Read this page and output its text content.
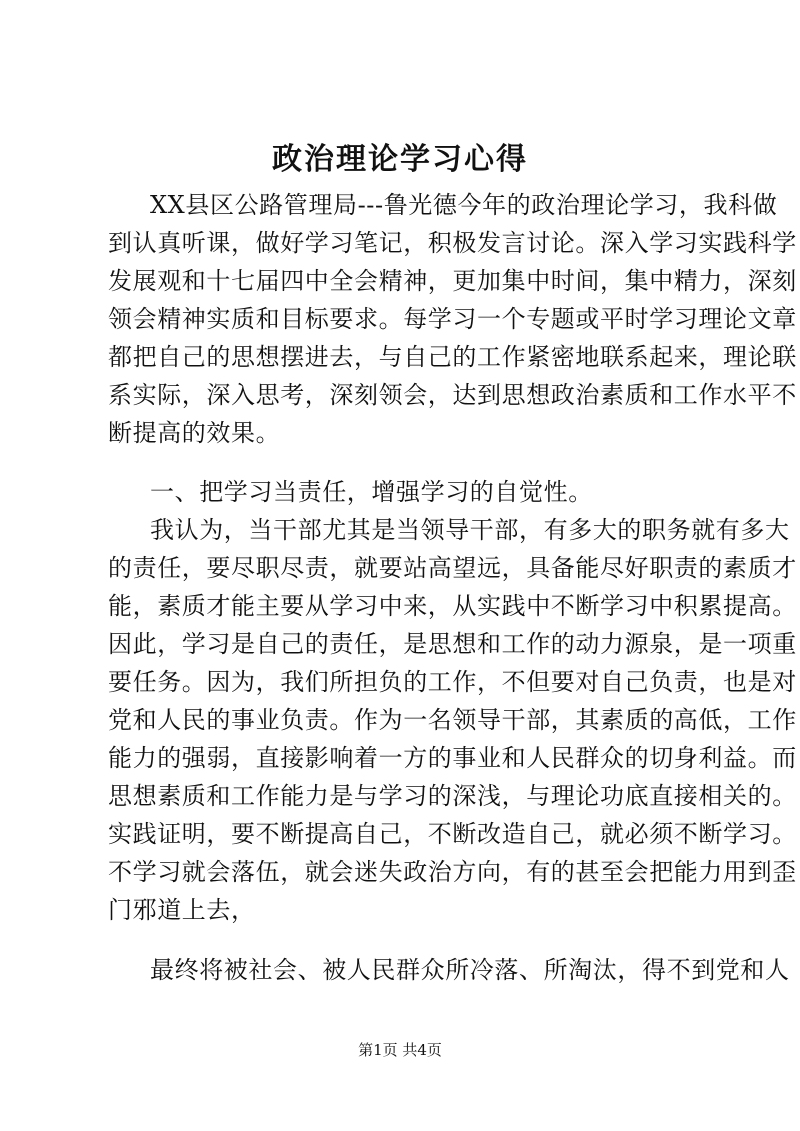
政治理论学习心得
XX县区公路管理局---鲁光德今年的政治理论学习，我科做
到认真听课，做好学习笔记，积极发言讨论。深入学习实践科学
发展观和十七届四中全会精神，更加集中时间，集中精力，深刻
领会精神实质和目标要求。每学习一个专题或平时学习理论文章
都把自己的思想摆进去，与自己的工作紧密地联系起来，理论联
系实际，深入思考，深刻领会，达到思想政治素质和工作水平不
断提高的效果。
一、把学习当责任，增强学习的自觉性。
我认为，当干部尤其是当领导干部，有多大的职务就有多大
的责任，要尽职尽责，就要站高望远，具备能尽好职责的素质才
能，素质才能主要从学习中来，从实践中不断学习中积累提高。
因此，学习是自己的责任，是思想和工作的动力源泉，是一项重
要任务。因为，我们所担负的工作，不但要对自己负责，也是对
党和人民的事业负责。作为一名领导干部，其素质的高低，工作
能力的强弱，直接影响着一方的事业和人民群众的切身利益。而
思想素质和工作能力是与学习的深浅，与理论功底直接相关的。
实践证明，要不断提高自己，不断改造自己，就必须不断学习。
不学习就会落伍，就会迷失政治方向，有的甚至会把能力用到歪
门邪道上去，
最终将被社会、被人民群众所冷落、所淘汰，得不到党和人
第1页 共4页
